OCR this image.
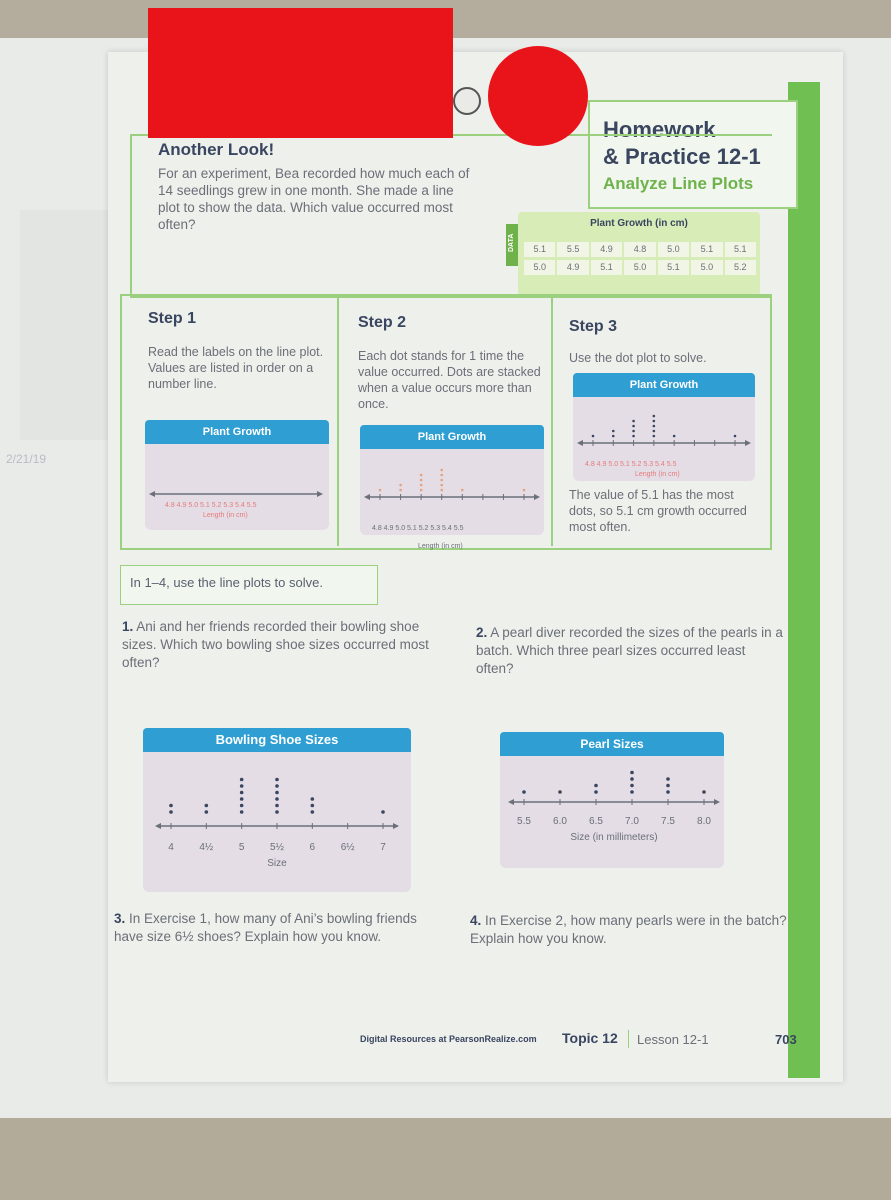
2/21/19
Homework
& Practice 12-1
Analyze Line Plots
Another Look!
For an experiment, Bea recorded how much each of 14 seedlings grew in one month. She made a line plot to show the data. Which value occurred most often?
DATA
Plant Growth (in cm)
5.1	5.5	4.9	4.8	5.0	5.1	5.1
5.0	4.9	5.1	5.0	5.1	5.0	5.2
Step 1
Read the labels on the line plot. Values are listed in order on a number line.
Step 2
Each dot stands for 1 time the value occurred. Dots are stacked when a value occurs more than once.
Step 3
Use the dot plot to solve.
The value of 5.1 has the most dots, so 5.1 cm growth occurred most often.
Plant Growth
4.8 4.9 5.0 5.1 5.2 5.3 5.4 5.5
Length (in cm)
Plant Growth
4.8 4.9 5.0 5.1 5.2 5.3 5.4 5.5
Length (in cm)
Plant Growth
4.8 4.9 5.0 5.1 5.2 5.3 5.4 5.5
Length (in cm)
In 1–4, use the line plots to solve.
1. Ani and her friends recorded their bowling shoe sizes. Which two bowling shoe sizes occurred most often?
2. A pearl diver recorded the sizes of the pearls in a batch. Which three pearl sizes occurred least often?
3. In Exercise 1, how many of Ani’s bowling friends have size 6½ shoes? Explain how you know.
4. In Exercise 2, how many pearls were in the batch? Explain how you know.
Bowling Shoe Sizes
4	4½	5	5½	6	6½	7
Size
Pearl Sizes
5.5 6.0 6.5 7.0 7.5 8.0
Size (in millimeters)
Digital Resources at PearsonRealize.com Topic 12 Lesson 12-1	703
